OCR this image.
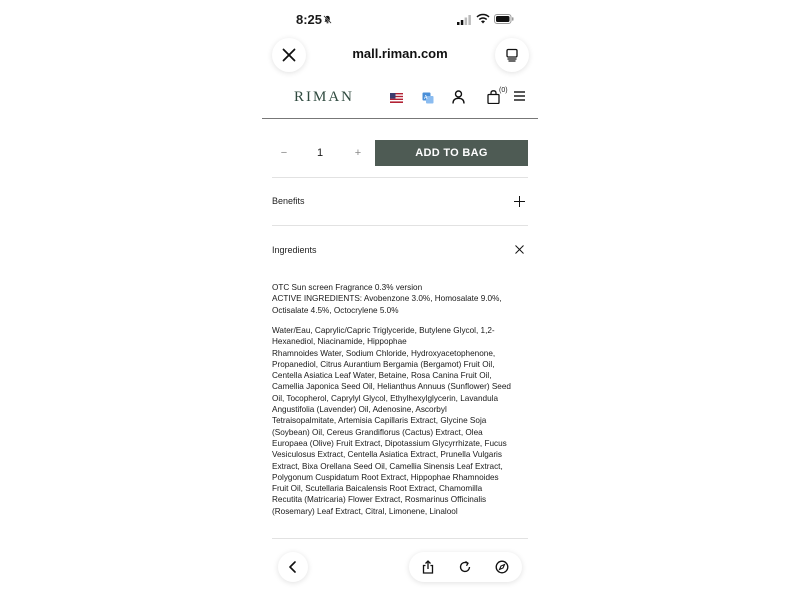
8:25
mall.riman.com
RIMAN	A
(0)
−	1	+	ADD TO BAG
Benefits
Ingredients
OTC Sun screen Fragrance 0.3% version
ACTIVE INGREDIENTS: Avobenzone 3.0%, Homosalate 9.0%,
Octisalate 4.5%, Octocrylene 5.0%
Water/Eau, Caprylic/Capric Triglyceride, Butylene Glycol, 1,2-
Hexanediol, Niacinamide, Hippophae
Rhamnoides Water, Sodium Chloride, Hydroxyacetophenone,
Propanediol, Citrus Aurantium Bergamia (Bergamot) Fruit Oil,
Centella Asiatica Leaf Water, Betaine, Rosa Canina Fruit Oil,
Camellia Japonica Seed Oil, Helianthus Annuus (Sunflower) Seed
Oil, Tocopherol, Caprylyl Glycol, Ethylhexylglycerin, Lavandula
Angustifolia (Lavender) Oil, Adenosine, Ascorbyl
Tetraisopalmitate, Artemisia Capillaris Extract, Glycine Soja
(Soybean) Oil, Cereus Grandiflorus (Cactus) Extract, Olea
Europaea (Olive) Fruit Extract, Dipotassium Glycyrrhizate, Fucus
Vesiculosus Extract, Centella Asiatica Extract, Prunella Vulgaris
Extract, Bixa Orellana Seed Oil, Camellia Sinensis Leaf Extract,
Polygonum Cuspidatum Root Extract, Hippophae Rhamnoides
Fruit Oil, Scutellaria Baicalensis Root Extract, Chamomilla
Recutita (Matricaria) Flower Extract, Rosmarinus Officinalis
(Rosemary) Leaf Extract, Citral, Limonene, Linalool
